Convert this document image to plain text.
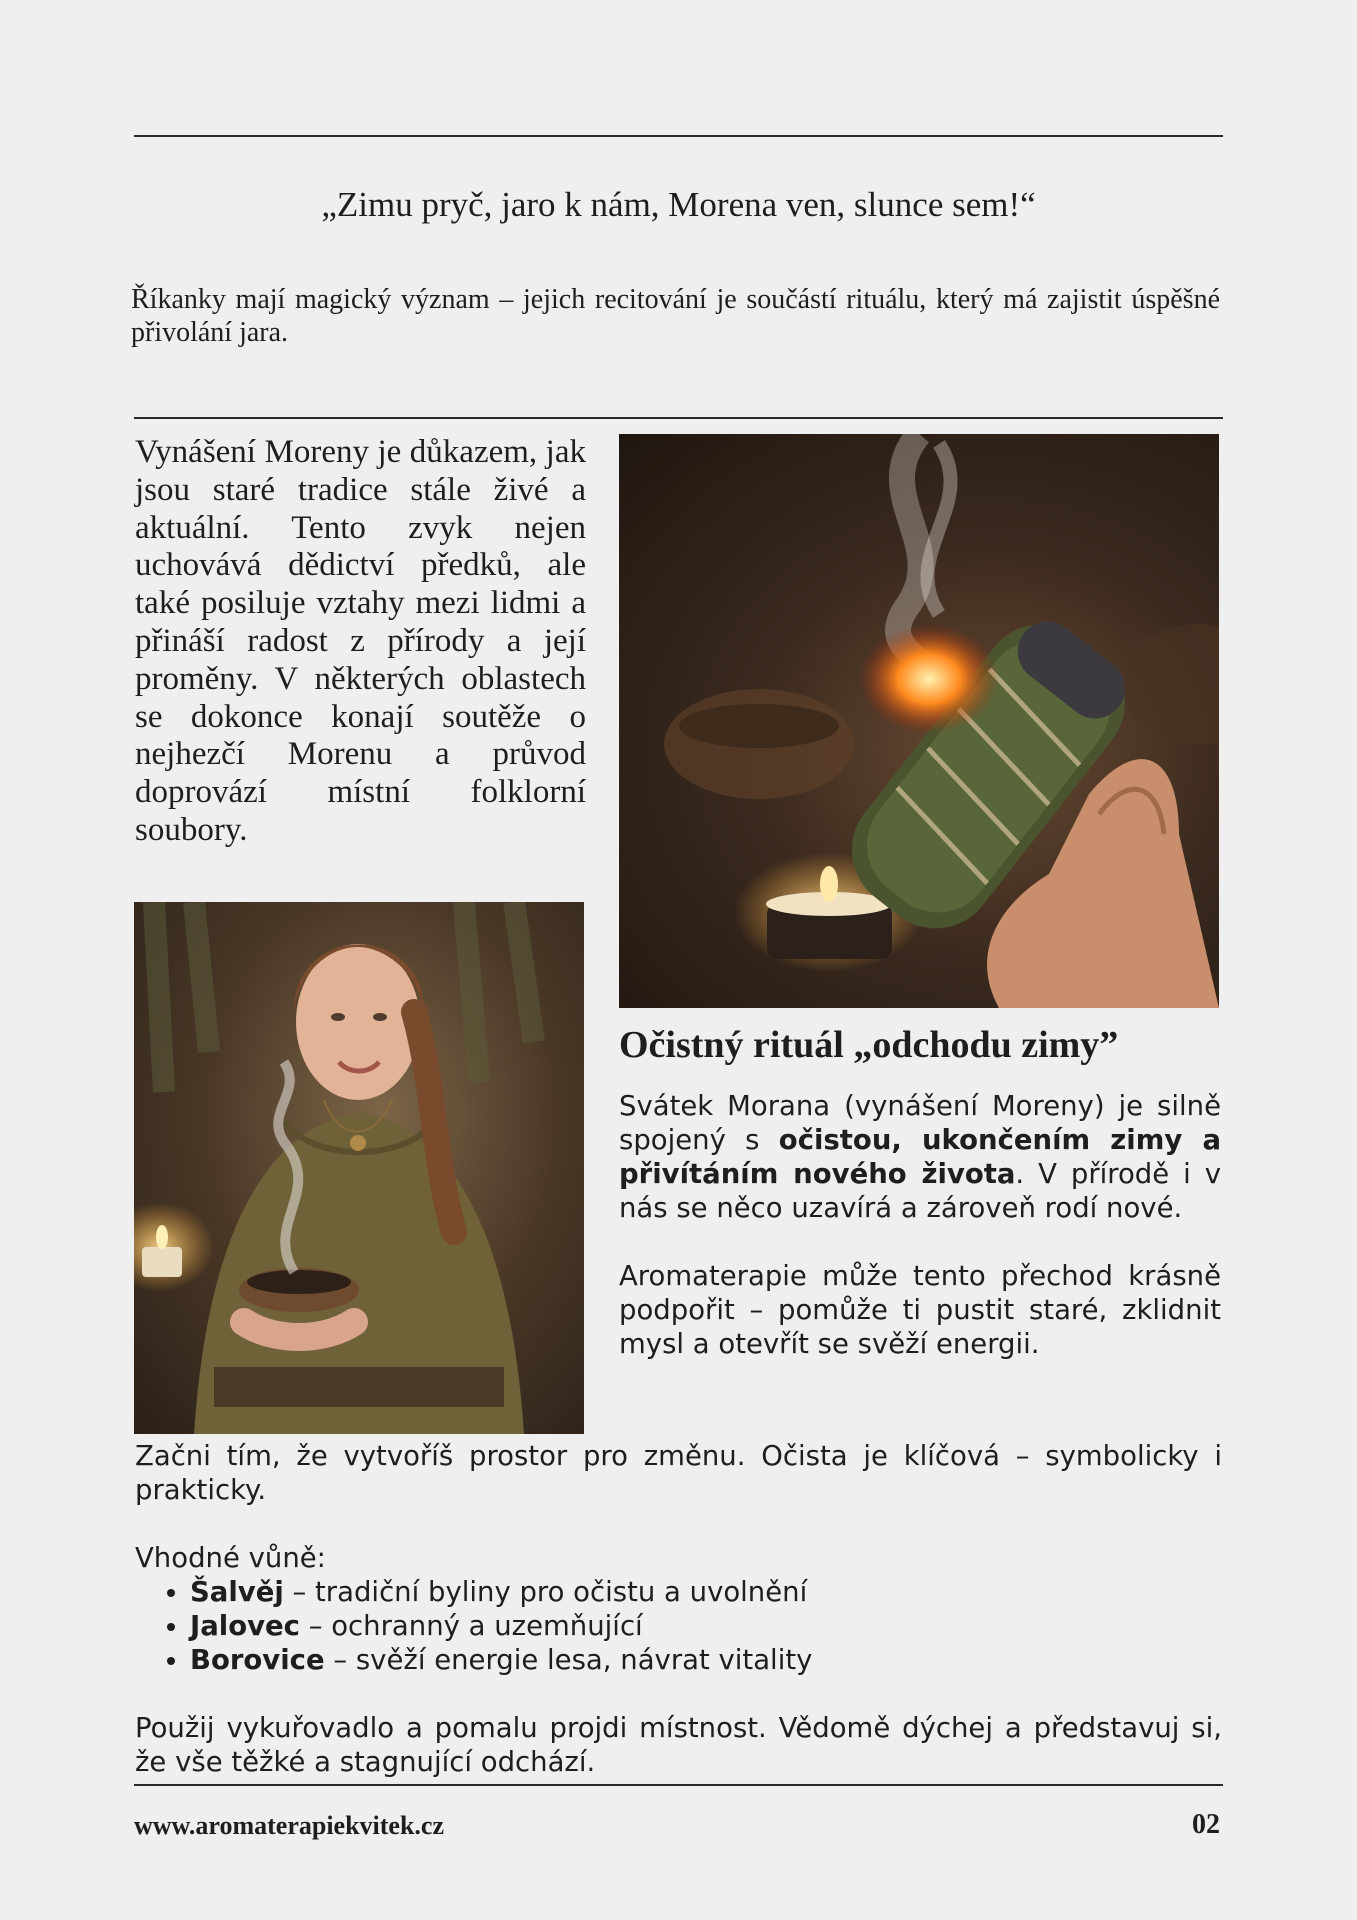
„Zimu pryč, jaro k nám, Morena ven, slunce sem!“

Říkanky mají magický význam – jejich recitování je součástí rituálu, který má zajistit úspěšné přivolání jara.

Vynášení Moreny je důkazem, jak jsou staré tradice stále živé a aktuální. Tento zvyk nejen uchovává dědictví předků, ale také posiluje vztahy mezi lidmi a přináší radost z přírody a její proměny. V některých oblastech se dokonce konají soutěže o nejhezčí Morenu a průvod doprovází místní folklorní soubory.

Očistný rituál „odchodu zimy”

Svátek Morana (vynášení Moreny) je silně spojený s očistou, ukončením zimy a přivítáním nového života. V přírodě i v nás se něco uzavírá a zároveň rodí nové.

Aromaterapie může tento přechod krásně podpořit – pomůže ti pustit staré, zklidnit mysl a otevřít se svěží energii.

Začni tím, že vytvoříš prostor pro změnu. Očista je klíčová – symbolicky i prakticky.

Vhodné vůně:
• Šalvěj – tradiční byliny pro očistu a uvolnění
• Jalovec – ochranný a uzemňující
• Borovice – svěží energie lesa, návrat vitality

Použij vykuřovadlo a pomalu projdi místnost. Vědomě dýchej a představuj si, že vše těžké a stagnující odchází.

www.aromaterapiekvitek.cz	02
